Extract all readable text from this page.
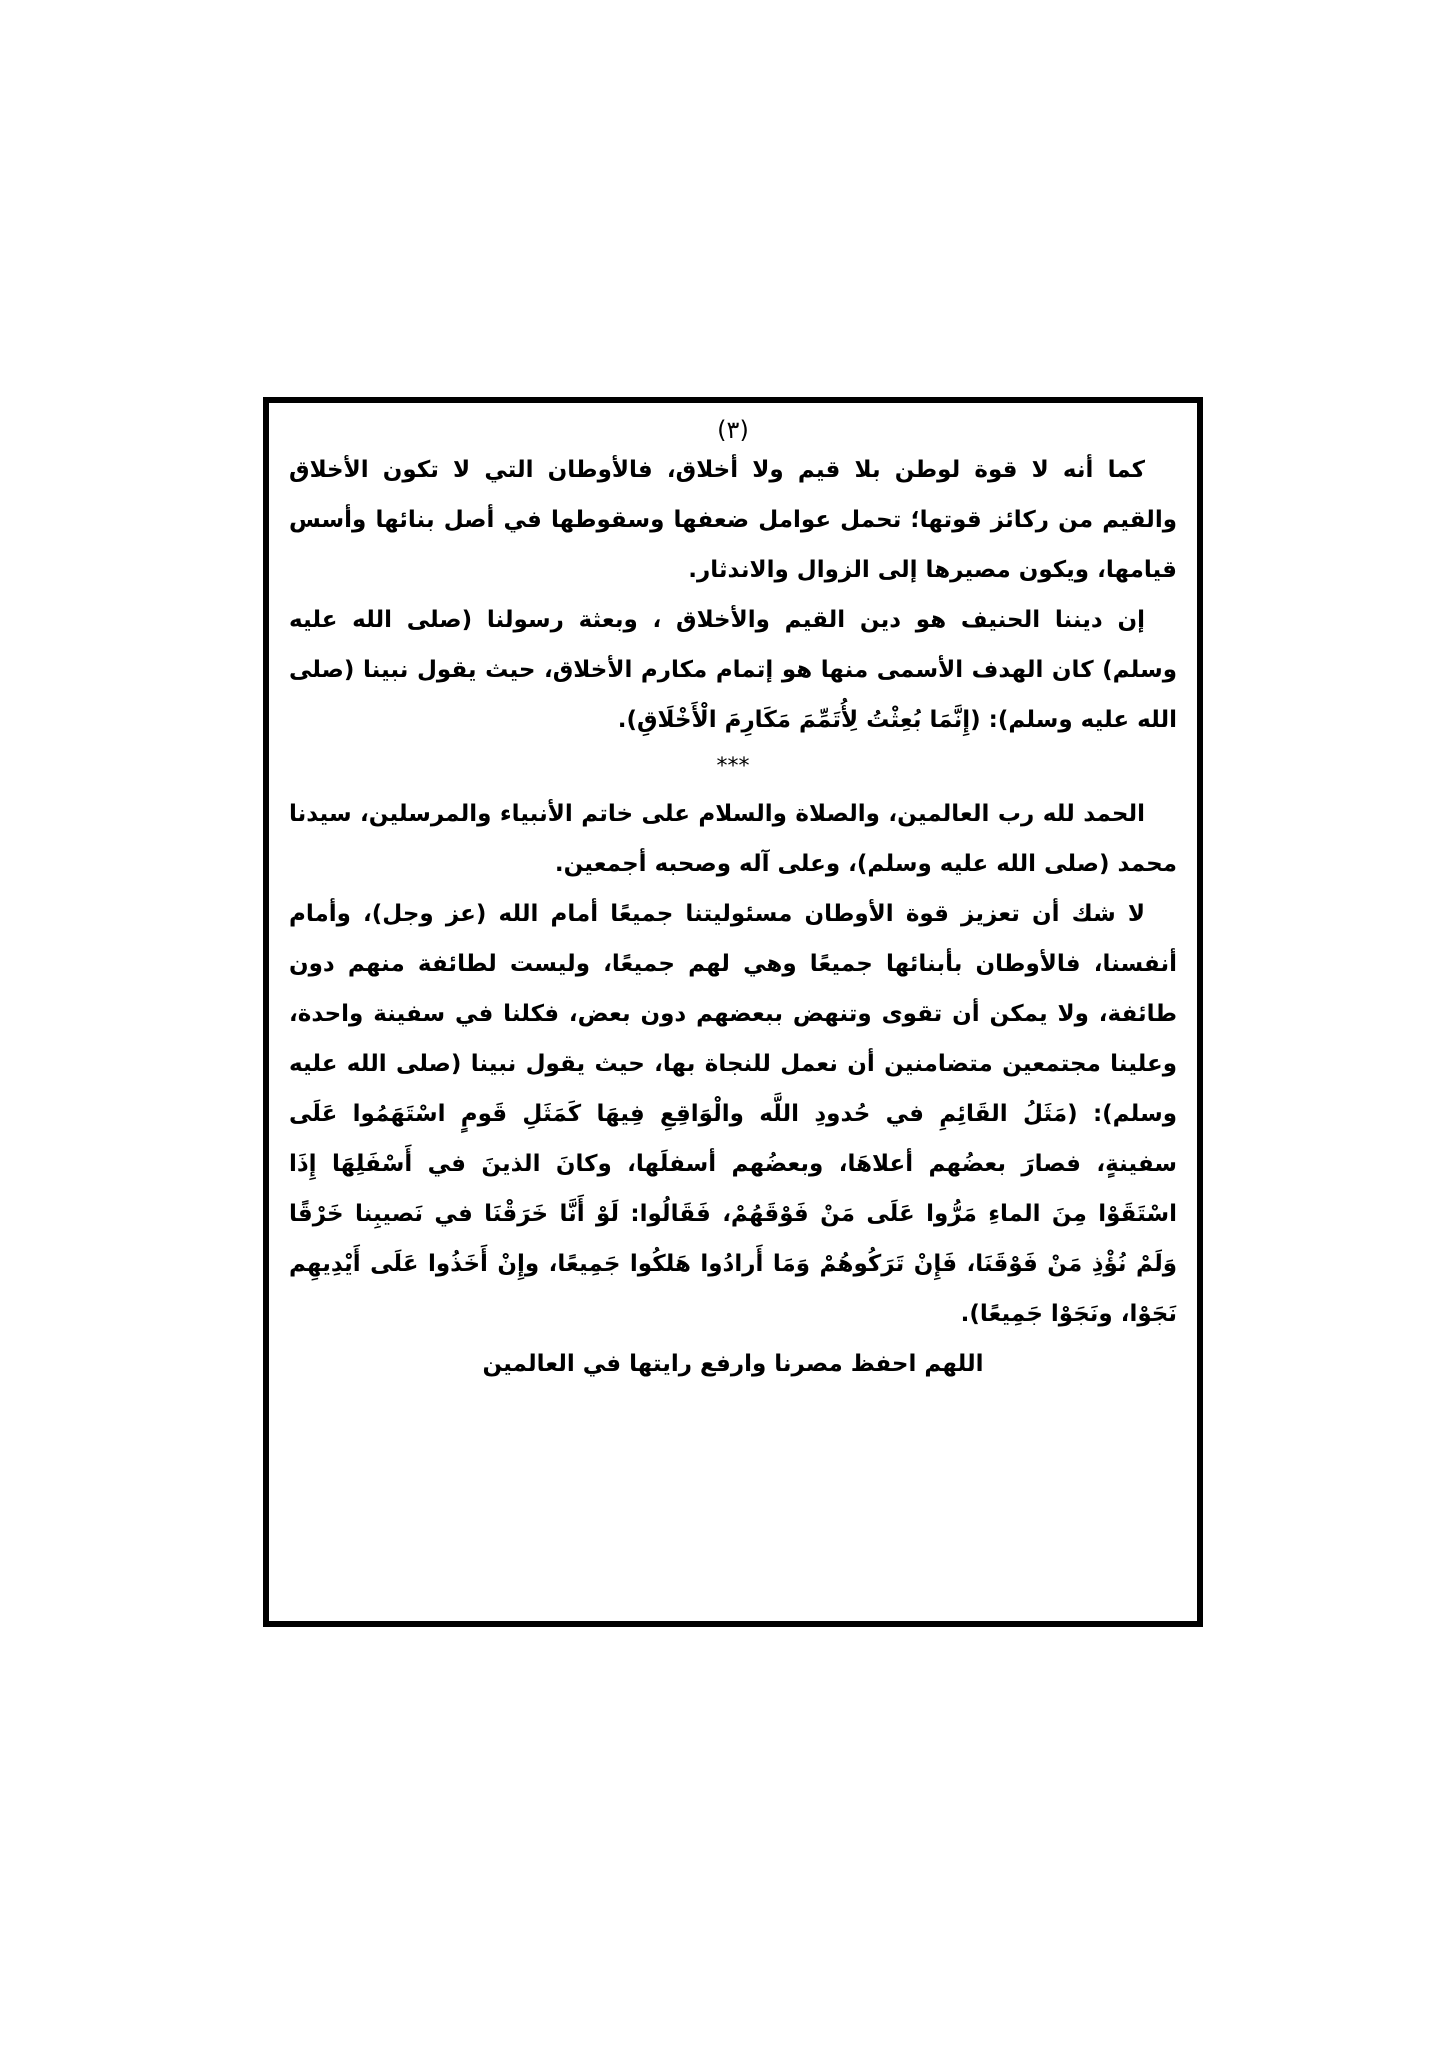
(٣)

كما أنه لا قوة لوطن بلا قيم ولا أخلاق، فالأوطان التي لا تكون الأخلاق والقيم من ركائز قوتها؛ تحمل عوامل ضعفها وسقوطها في أصل بنائها وأسس قيامها، ويكون مصيرها إلى الزوال والاندثار.

إن ديننا الحنيف هو دين القيم والأخلاق ، وبعثة رسولنا (صلى الله عليه وسلم) كان الهدف الأسمى منها هو إتمام مكارم الأخلاق، حيث يقول نبينا (صلى الله عليه وسلم): (إِنَّمَا بُعِثْتُ لِأُتَمِّمَ مَكَارِمَ الْأَخْلَاقِ).

***

الحمد لله رب العالمين، والصلاة والسلام على خاتم الأنبياء والمرسلين، سيدنا محمد (صلى الله عليه وسلم)، وعلى آله وصحبه أجمعين.

لا شك أن تعزيز قوة الأوطان مسئوليتنا جميعًا أمام الله (عز وجل)، وأمام أنفسنا، فالأوطان بأبنائها جميعًا وهي لهم جميعًا، وليست لطائفة منهم دون طائفة، ولا يمكن أن تقوى وتنهض ببعضهم دون بعض، فكلنا في سفينة واحدة، وعلينا مجتمعين متضامنين أن نعمل للنجاة بها، حيث يقول نبينا (صلى الله عليه وسلم): (مَثَلُ القَائِمِ في حُدودِ اللَّه والْوَاقِعِ فِيهَا كَمَثَلِ قَومٍ اسْتَهَمُوا عَلَى سفينةٍ، فصارَ بعضُهم أعلاهَا، وبعضُهم أسفلَها، وكانَ الذينَ في أَسْفَلِهَا إِذَا اسْتَقَوْا مِنَ الماءِ مَرُّوا عَلَى مَنْ فَوْقَهُمْ، فَقَالُوا: لَوْ أَنَّا خَرَقْنَا في نَصيبِنا خَرْقًا وَلَمْ نُؤْذِ مَنْ فَوْقَنَا، فَإِنْ تَرَكُوهُمْ وَمَا أَرادُوا هَلكُوا جَمِيعًا، وإِنْ أَخَذُوا عَلَى أَيْدِيهِم نَجَوْا، ونَجَوْا جَمِيعًا).

اللهم احفظ مصرنا وارفع رايتها في العالمين
